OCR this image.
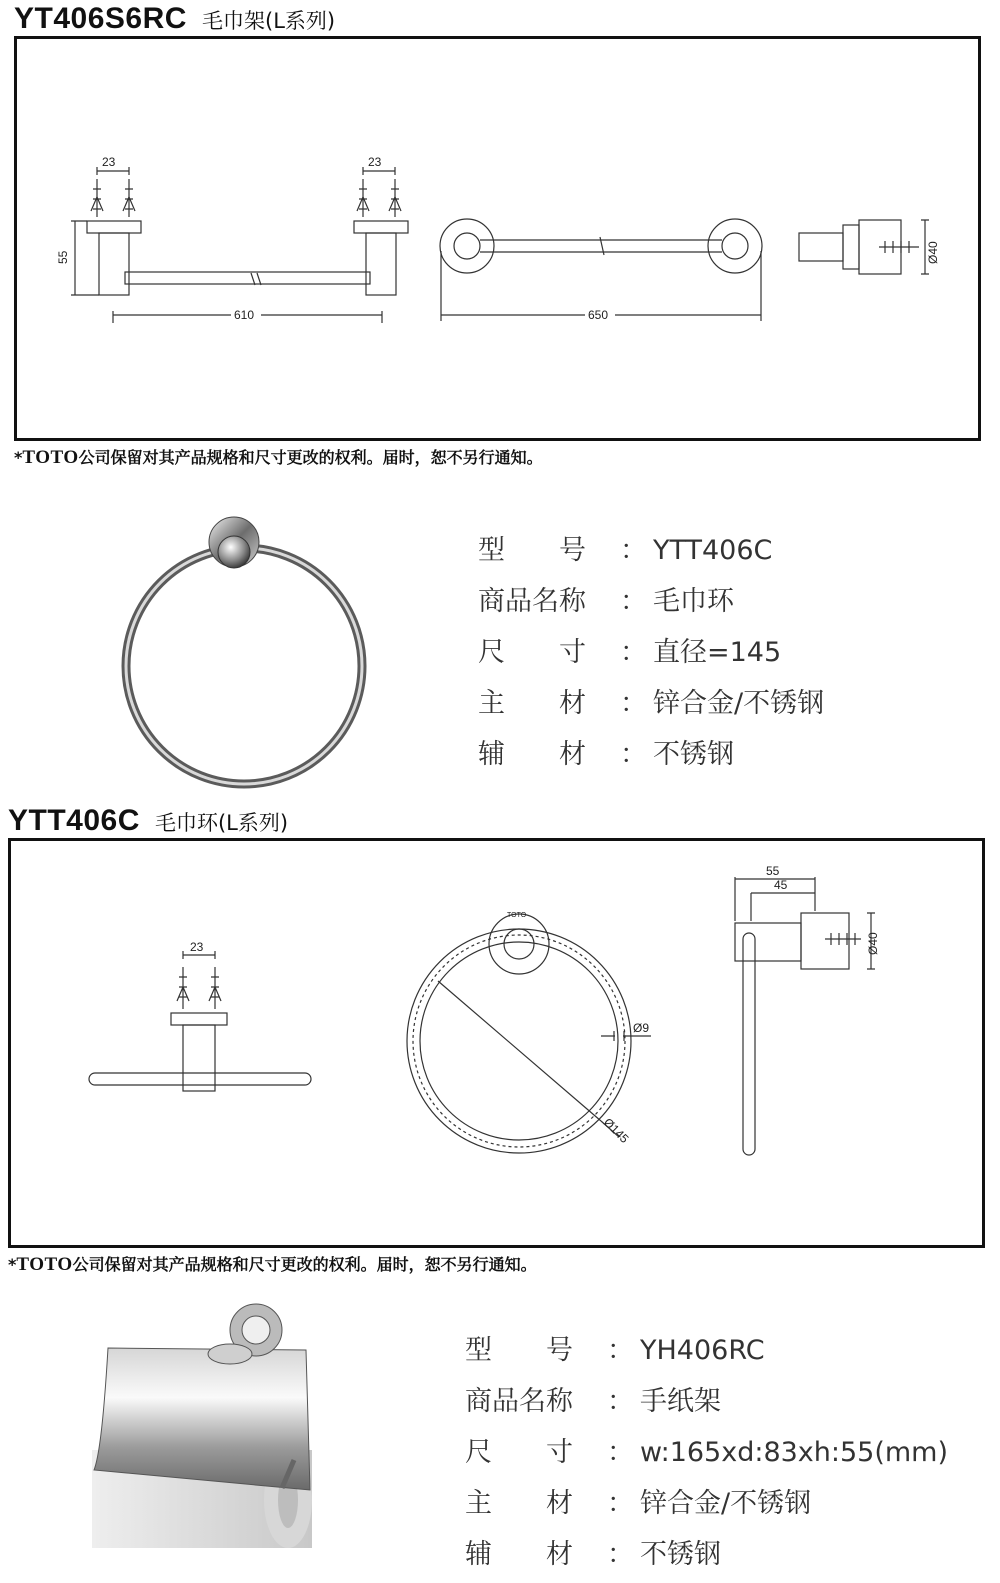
YT406S6RC 毛巾架(L系列)
23	23
55
610	650
Ø40
*TOTO公司保留对其产品规格和尺寸更改的权利。届时，恕不另行通知。
型　　号 ： YTT406C
商品名称 ： 毛巾环
尺　　寸 ： 直径=145
主　　材 ： 锌合金/不锈钢
辅　　材 ： 不锈钢
YTT406C 毛巾环(L系列)
23
Ø9
Ø145
55
45
Ø40
TOTO
*TOTO公司保留对其产品规格和尺寸更改的权利。届时，恕不另行通知。
型　　号 ： YH406RC
商品名称 ： 手纸架
尺　　寸 ： w:165xd:83xh:55(mm)
主　　材 ： 锌合金/不锈钢
辅　　材 ： 不锈钢
